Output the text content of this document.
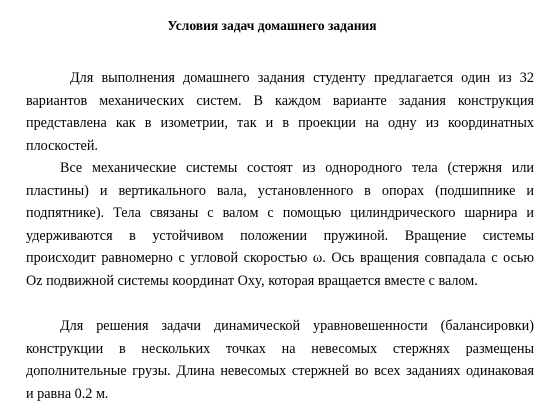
Условия задач домашнего задания

Для выполнения домашнего задания студенту предлагается один из 32
вариантов механических систем. В каждом варианте задания конструкция
представлена как в изометрии, так и в проекции на одну из координатных
плоскостей.

Все механические системы состоят из однородного тела (стержня или
пластины) и вертикального вала, установленного в опорах (подшипнике и
подпятнике). Тела связаны с валом с помощью цилиндрического шарнира и
удерживаются в устойчивом положении пружиной. Вращение системы
происходит равномерно с угловой скоростью ω. Ось вращения совпадала с осью
Oz подвижной системы координат Oxy, которая вращается вместе с валом.

Для решения задачи динамической уравновешенности (балансировки)
конструкции в нескольких точках на невесомых стержнях размещены
дополнительные грузы. Длина невесомых стержней во всех заданиях одинаковая
и равна 0.2 м.
